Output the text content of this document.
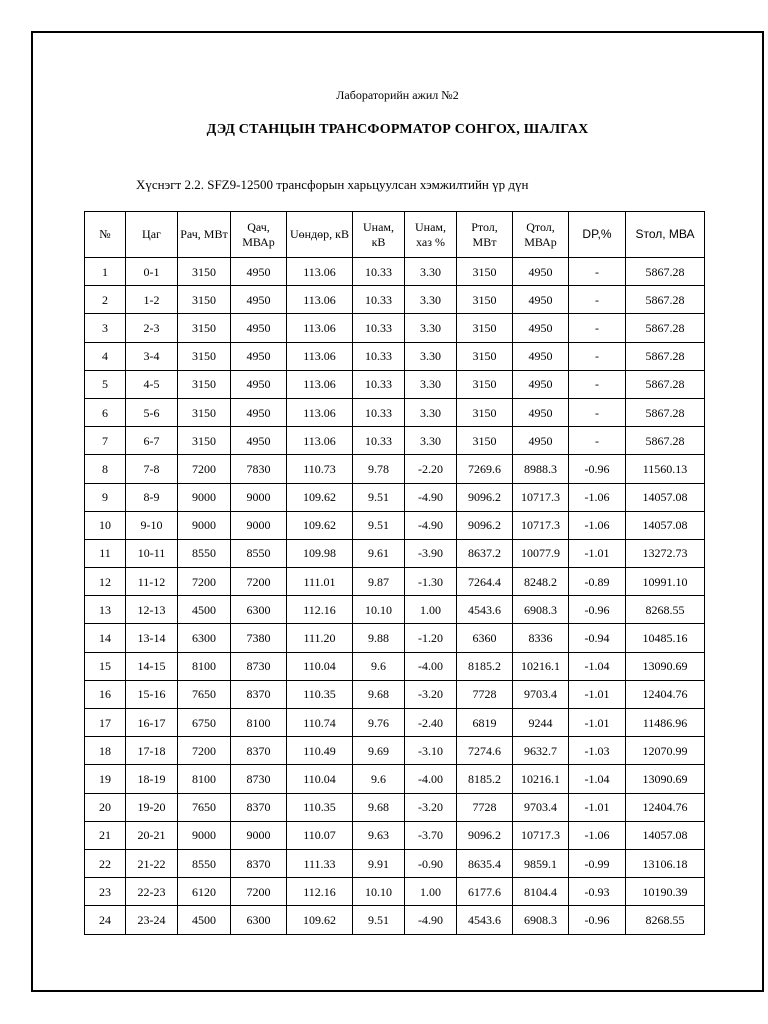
Лабораторийн ажил №2
ДЭД СТАНЦЫН ТРАНСФОРМАТОР СОНГОХ, ШАЛГАХ
Хүснэгт 2.2. SFZ9-12500 трансфорын харьцуулсан хэмжилтийн үр дүн
№	Цаг	Рач, МВт	Qач, МВАр	Uөндөр, кВ	Uнам, кВ	Uнам, хаз %	Ртол, МВт	Qтол, МВАр	DP,%	Sтол, МВА
1	0-1	3150	4950	113.06	10.33	3.30	3150	4950	-	5867.28
2	1-2	3150	4950	113.06	10.33	3.30	3150	4950	-	5867.28
3	2-3	3150	4950	113.06	10.33	3.30	3150	4950	-	5867.28
4	3-4	3150	4950	113.06	10.33	3.30	3150	4950	-	5867.28
5	4-5	3150	4950	113.06	10.33	3.30	3150	4950	-	5867.28
6	5-6	3150	4950	113.06	10.33	3.30	3150	4950	-	5867.28
7	6-7	3150	4950	113.06	10.33	3.30	3150	4950	-	5867.28
8	7-8	7200	7830	110.73	9.78	-2.20	7269.6	8988.3	-0.96	11560.13
9	8-9	9000	9000	109.62	9.51	-4.90	9096.2	10717.3	-1.06	14057.08
10	9-10	9000	9000	109.62	9.51	-4.90	9096.2	10717.3	-1.06	14057.08
11	10-11	8550	8550	109.98	9.61	-3.90	8637.2	10077.9	-1.01	13272.73
12	11-12	7200	7200	111.01	9.87	-1.30	7264.4	8248.2	-0.89	10991.10
13	12-13	4500	6300	112.16	10.10	1.00	4543.6	6908.3	-0.96	8268.55
14	13-14	6300	7380	111.20	9.88	-1.20	6360	8336	-0.94	10485.16
15	14-15	8100	8730	110.04	9.6	-4.00	8185.2	10216.1	-1.04	13090.69
16	15-16	7650	8370	110.35	9.68	-3.20	7728	9703.4	-1.01	12404.76
17	16-17	6750	8100	110.74	9.76	-2.40	6819	9244	-1.01	11486.96
18	17-18	7200	8370	110.49	9.69	-3.10	7274.6	9632.7	-1.03	12070.99
19	18-19	8100	8730	110.04	9.6	-4.00	8185.2	10216.1	-1.04	13090.69
20	19-20	7650	8370	110.35	9.68	-3.20	7728	9703.4	-1.01	12404.76
21	20-21	9000	9000	110.07	9.63	-3.70	9096.2	10717.3	-1.06	14057.08
22	21-22	8550	8370	111.33	9.91	-0.90	8635.4	9859.1	-0.99	13106.18
23	22-23	6120	7200	112.16	10.10	1.00	6177.6	8104.4	-0.93	10190.39
24	23-24	4500	6300	109.62	9.51	-4.90	4543.6	6908.3	-0.96	8268.55
